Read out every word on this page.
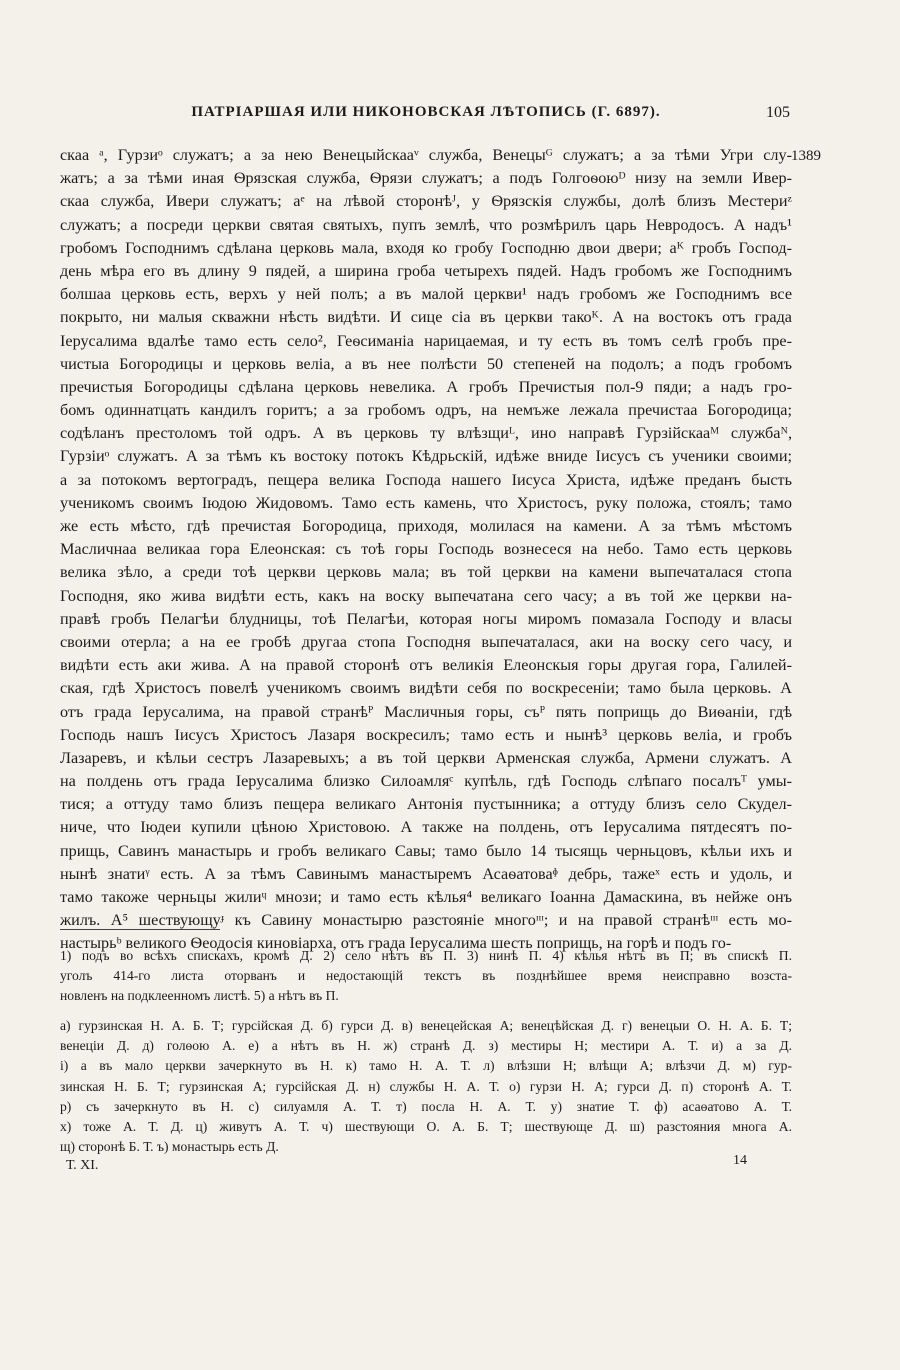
ПАТРІАРШАЯ ИЛИ НИКОНОВСКАЯ ЛѢТОПИСЬ (Г. 6897).	105
1389
скаа ᵃ, Гурзиᵒ служатъ; а за нею Венецыйскааᵛ служба, Венецыᴳ служатъ; а за тѣми Угри слу-
жатъ; а за тѣми иная Ѳрязская служба, Ѳрязи служатъ; а подъ Голгоѳоюᴰ низу на земли Ивер-
скаа служба, Ивери служатъ; аᵉ на лѣвой сторонѣᴶ, у Ѳрязскія службы, долѣ близъ Местериᶻ
служатъ; а посреди церкви святая святыхъ, пупъ землѣ, что розмѣрилъ царь Невродосъ. А надъ¹
гробомъ Господнимъ сдѣлана церковь мала, входя ко гробу Господню двои двери; аᴷ гробъ Господ-
день мѣра его въ длину 9 пядей, а ширина гроба четырехъ пядей. Надъ гробомъ же Господнимъ
болшаа церковь есть, верхъ у ней полъ; а въ малой церкви¹ надъ гробомъ же Господнимъ все
покрыто, ни малыя скважни нѣсть видѣти. И сице сіа въ церкви такоᴷ. А на востокъ отъ града
Іерусалима вдалѣе тамо есть село², Геѳсиманіа нарицаемая, и ту есть въ томъ селѣ гробъ пре-
чистыа Богородицы и церковь веліа, а въ нее полѣсти 50 степеней на подолъ; а подъ гробомъ
пречистыя Богородицы сдѣлана церковь невелика. А гробъ Пречистыя пол-9 пяди; а надъ гро-
бомъ одиннатцать кандилъ горитъ; а за гробомъ одръ, на немъже лежала пречистаа Богородица;
содѣланъ престоломъ той одръ. А въ церковь ту влѣзщиᴸ, ино направѣ Гурзійскааᴹ службаᴺ,
Гурзіиᵒ служатъ. А за тѣмъ къ востоку потокъ Кѣдрьскій, идѣже вниде Іисусъ съ ученики своими;
а за потокомъ вертоградъ, пещера велика Господа нашего Іисуса Христа, идѣже преданъ бысть
ученикомъ своимъ Іюдою Жидовомъ. Тамо есть камень, что Христосъ, руку положа, стоялъ; тамо
же есть мѣсто, гдѣ пречистая Богородица, приходя, молилася на камени. А за тѣмъ мѣстомъ
Масличнаа великаа гора Елеонская: съ тоѣ горы Господь вознесеся на небо. Тамо есть церковь
велика зѣло, а среди тоѣ церкви церковь мала; въ той церкви на камени выпечаталася стопа
Господня, яко жива видѣти есть, какъ на воску выпечатана сего часу; а въ той же церкви на-
правѣ гробъ Пелагѣи блудницы, тоѣ Пелагѣи, которая ногы миромъ помазала Господу и власы
своими отерла; а на ее гробѣ другаа стопа Господня выпечаталася, аки на воску сего часу, и
видѣти есть аки жива. А на правой сторонѣ отъ великія Елеонскыя горы другая гора, Галилей-
ская, гдѣ Христосъ повелѣ ученикомъ своимъ видѣти себя по воскресеніи; тамо была церковь. А
отъ града Іерусалима, на правой странѣᴾ Масличныя горы, съᴾ пять поприщь до Виѳаніи, гдѣ
Господь нашъ Іисусъ Христосъ Лазаря воскресилъ; тамо есть и нынѣ³ церковь веліа, и гробъ
Лазаревъ, и кѣльи сестръ Лазаревыхъ; а въ той церкви Арменская служба, Армени служатъ. А
на полдень отъ града Іерусалима близко Силоамляᶜ купѣль, гдѣ Господь слѣпаго посалъᵀ умы-
тися; а оттуду тамо близъ пещера великаго Антонія пустынника; а оттуду близъ село Скудел-
ниче, что Іюдеи купили цѣною Христовою. А также на полдень, отъ Іерусалима пятдесятъ по-
прищь, Савинъ манастырь и гробъ великаго Савы; тамо было 14 тысящь черньцовъ, кѣльи ихъ и
нынѣ знатиᵞ есть. А за тѣмъ Савинымъ манастыремъ Асаѳатоваᶲ дебрь, тажеˣ есть и удоль, и
тамо такоже черньцы жилиᶣ мнози; и тамо есть кѣлья⁴ великаго Іоанна Дамаскина, въ нейже онъ
жилъ. А⁵ шествующуᶡ къ Савину монастырю разстояніе многоᶦᶦᶦ; и на правой странѣᶦᶦᶦ есть мо-
настырьᵇ великого Ѳеодосія киновіарха, отъ града Іерусалима шесть поприщь, на горѣ и подъ го-
1) подъ во всѣхъ спискахъ, кромѣ Д. 2) село нѣтъ въ П. 3) нинѣ П. 4) кѣлья нѣтъ въ П; въ спискѣ П.
уголъ 414-го листа оторванъ и недостающій текстъ въ позднѣйшее время неисправно возста-
новленъ на подклеенномъ листѣ. 5) а нѣтъ въ П.
а) гурзинская Н. А. Б. Т; гурсійская Д. б) гурси Д. в) венецейская А; венецѣйская Д. г) венецыи О. Н. А. Б. Т;
венеціи Д. д) голѳою А. е) а нѣтъ въ Н. ж) странѣ Д. з) местиры Н; местири А. Т. и) а за Д.
і) а въ мало церкви зачеркнуто въ Н. к) тамо Н. А. Т. л) влѣзши Н; влѣщи А; влѣзчи Д. м) гур-
зинская Н. Б. Т; гурзинская А; гурсійская Д. н) службы Н. А. Т. о) гурзи Н. А; гурси Д. п) сторонѣ А. Т.
р) съ зачеркнуто въ Н. с) силуамля А. Т. т) посла Н. А. Т. у) знатие Т. ф) асаѳатово А. Т.
х) тоже А. Т. Д. ц) живутъ А. Т. ч) шествующи О. А. Б. Т; шествующе Д. ш) разстояния многа А.
щ) сторонѣ Б. Т. ъ) монастырь есть Д.
Т. XI.	14
